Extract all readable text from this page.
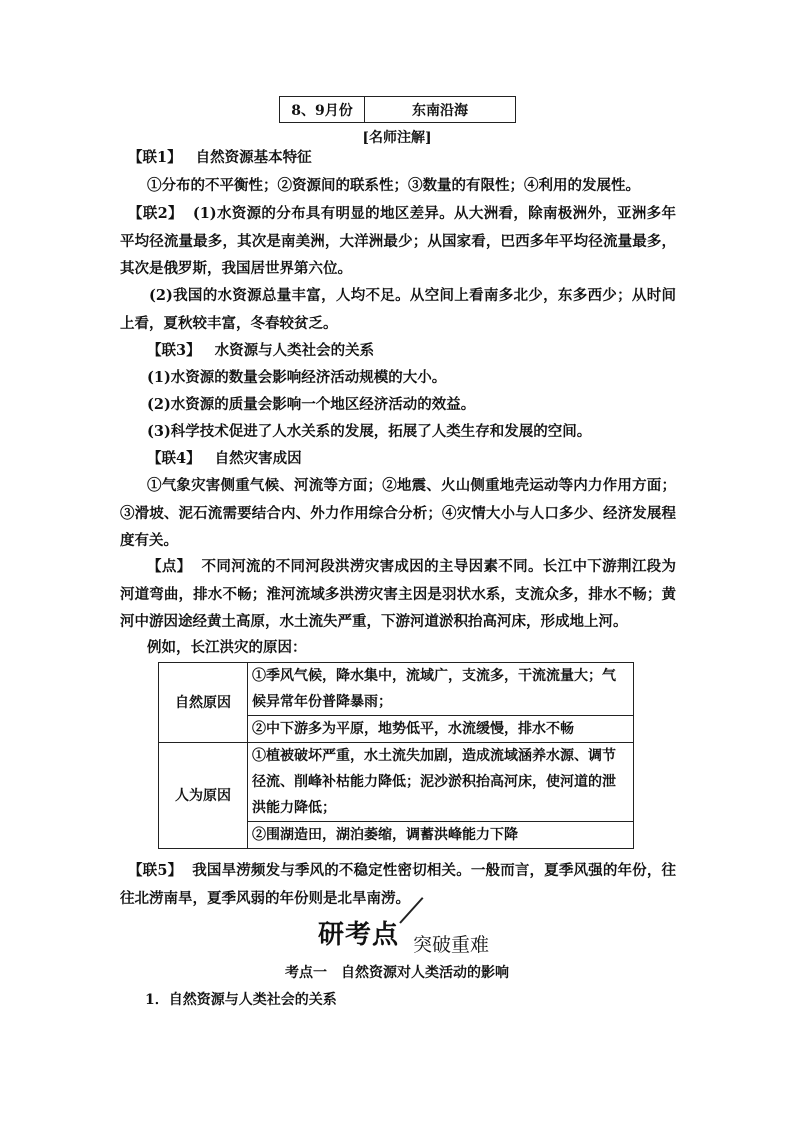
8、9月份	东南沿海
[名师注解]
【联1】 自然资源基本特征
①分布的不平衡性；②资源间的联系性；③数量的有限性；④利用的发展性。
【联2】 (1)水资源的分布具有明显的地区差异。从大洲看，除南极洲外，亚洲多年平均径流量最多，其次是南美洲，大洋洲最少；从国家看，巴西多年平均径流量最多，其次是俄罗斯，我国居世界第六位。
(2)我国的水资源总量丰富，人均不足。从空间上看南多北少，东多西少；从时间上看，夏秋较丰富，冬春较贫乏。
【联3】 水资源与人类社会的关系
(1)水资源的数量会影响经济活动规模的大小。
(2)水资源的质量会影响一个地区经济活动的效益。
(3)科学技术促进了人水关系的发展，拓展了人类生存和发展的空间。
【联4】 自然灾害成因
①气象灾害侧重气候、河流等方面；②地震、火山侧重地壳运动等内力作用方面；③滑坡、泥石流需要结合内、外力作用综合分析；④灾情大小与人口多少、经济发展程度有关。
【点】 不同河流的不同河段洪涝灾害成因的主导因素不同。长江中下游荆江段为河道弯曲，排水不畅；淮河流域多洪涝灾害主因是羽状水系，支流众多，排水不畅；黄河中游因途经黄土高原，水土流失严重，下游河道淤积抬高河床，形成地上河。
例如，长江洪灾的原因：
自然原因	①季风气候，降水集中，流域广，支流多，干流流量大；气候异常年份普降暴雨；
	②中下游多为平原，地势低平，水流缓慢，排水不畅
人为原因	①植被破坏严重，水土流失加剧，造成流域涵养水源、调节径流、削峰补枯能力降低；泥沙淤积抬高河床，使河道的泄洪能力降低；
	②围湖造田，湖泊萎缩，调蓄洪峰能力下降
【联5】 我国旱涝频发与季风的不稳定性密切相关。一般而言，夏季风强的年份，往往北涝南旱，夏季风弱的年份则是北旱南涝。
研考点 突破重难
考点一　自然资源对人类活动的影响
1．自然资源与人类社会的关系
